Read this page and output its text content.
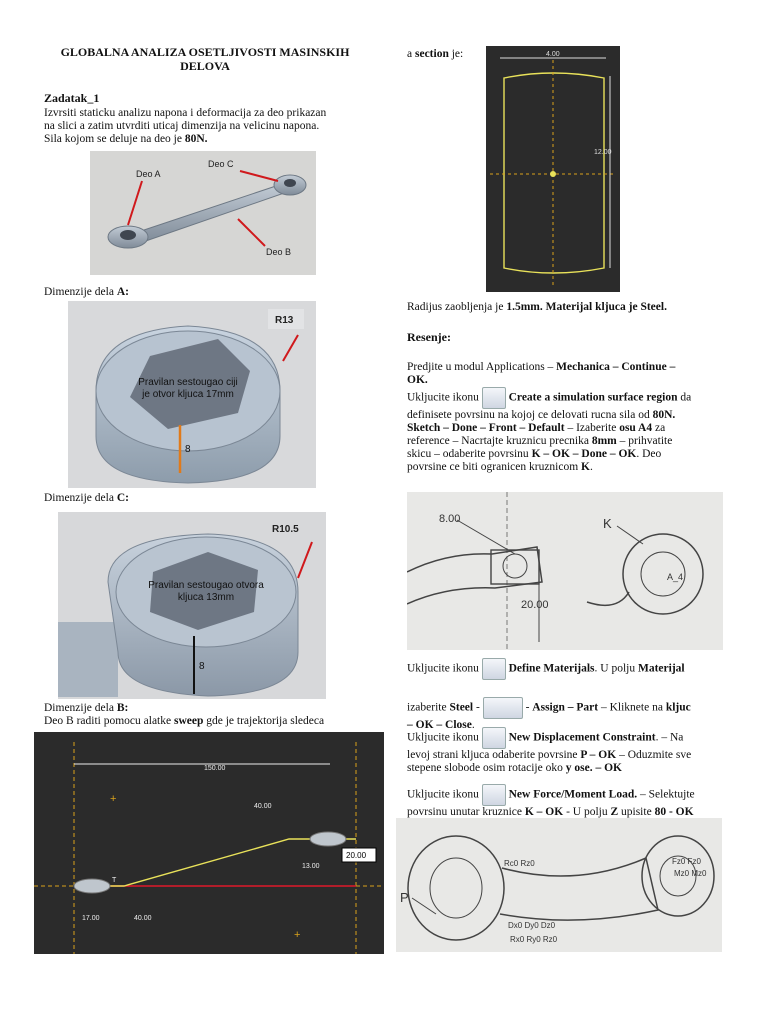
GLOBALNA ANALIZA OSETLJIVOSTI MASINSKIH
DELOVA
Zadatak_1
Izvrsiti staticku analizu napona i deformacija za deo prikazan
na slici a zatim utvrditi uticaj dimenzija na velicinu napona.
Sila kojom se deluje na deo je 80N.
Deo A
Deo C
Deo B
Dimenzije dela A:
R13
Pravilan sestougao ciji
je otvor kljuca 17mm
8
Dimenzije dela C:
R10.5
Pravilan sestougao otvora
kljuca 13mm
8
Dimenzije dela B:
Deo B raditi pomocu alatke sweep gde je trajektorija sledeca
150.00
40.00
13.00
20.00
17.00	40.00
T
+
+
a section je:	4.00
12.00
Radijus zaobljenja je 1.5mm. Materijal kljuca je Steel.
Resenje:
Predjite u modul Applications – Mechanica – Continue –
OK.
Ukljucite ikonu  Create a simulation surface region da
definisete povrsinu na kojoj ce delovati rucna sila od 80N.
Sketch – Done – Front – Default – Izaberite osu A4 za
reference – Nacrtajte kruznicu precnika 8mm – prihvatite
skicu – odaberite povrsinu K – OK – Done – OK. Deo
povrsine ce biti ogranicen kruznicom K.
8.00
20.00
K
A_4
Ukljucite ikonu  Define Materijals. U polju Materijal
izaberite Steel -	- Assign – Part – Kliknete na kljuc
– OK – Close.
Ukljucite ikonu  New Displacement Constraint. – Na
levoj strani kljuca odaberite povrsine P – OK – Oduzmite sve
stepene slobode osim rotacije oko y ose. – OK
Ukljucite ikonu  New Force/Moment Load. – Selektujte
povrsinu unutar kruznice K – OK - U polju Z upisite 80 - OK
P
Fz0 Fz0
Mz0 Mz0
Rc0 Rz0
Dx0 Dy0 Dz0
Rx0 Ry0 Rz0
